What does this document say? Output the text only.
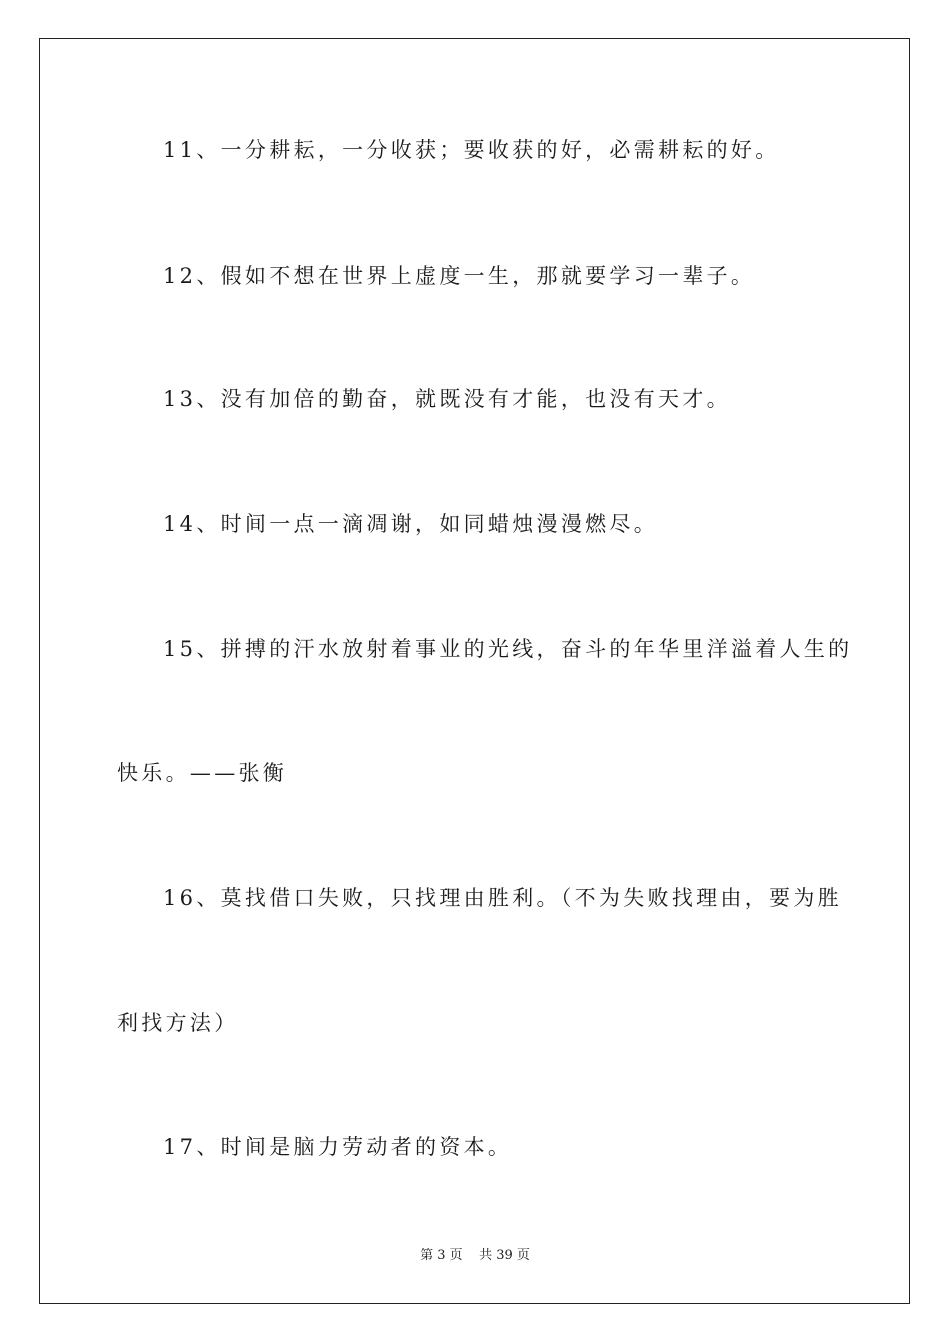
11、一分耕耘，一分收获；要收获的好，必需耕耘的好。
12、假如不想在世界上虚度一生，那就要学习一辈子。
13、没有加倍的勤奋，就既没有才能，也没有天才。
14、时间一点一滴凋谢，如同蜡烛漫漫燃尽。
15、拼搏的汗水放射着事业的光线，奋斗的年华里洋溢着人生的
快乐。——张衡
16、莫找借口失败，只找理由胜利。（不为失败找理由，要为胜
利找方法）
17、时间是脑力劳动者的资本。
第 3 页    共 39 页
